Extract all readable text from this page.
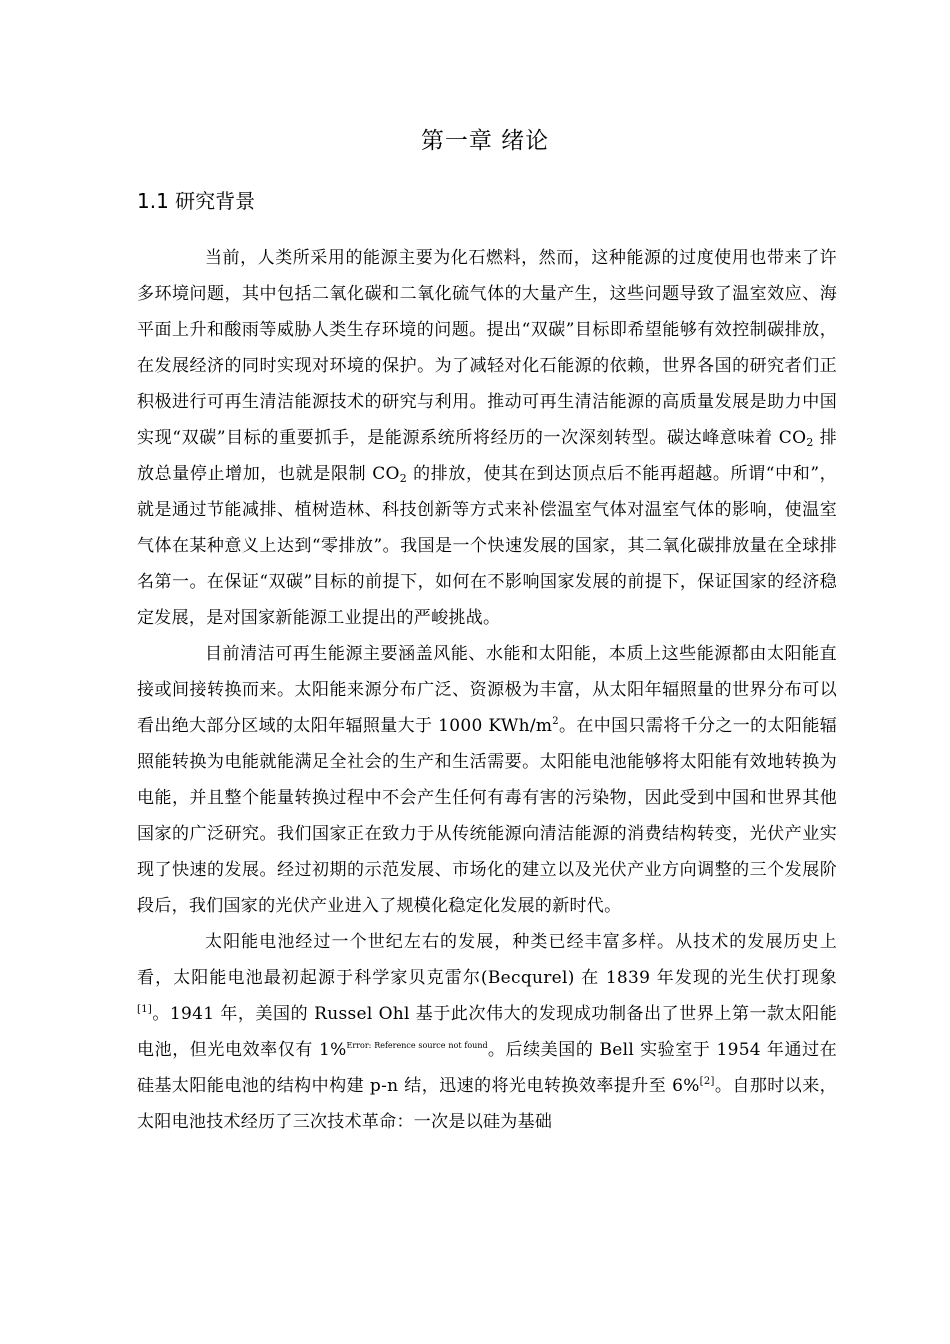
第一章 绪论
1.1 研究背景

当前，人类所采用的能源主要为化石燃料，然而，这种能源的过度使用也带来了许多环境问题，其中包括二氧化碳和二氧化硫气体的大量产生，这些问题导致了温室效应、海平面上升和酸雨等威胁人类生存环境的问题。提出“双碳”目标即希望能够有效控制碳排放，在发展经济的同时实现对环境的保护。为了减轻对化石能源的依赖，世界各国的研究者们正积极进行可再生清洁能源技术的研究与利用。推动可再生清洁能源的高质量发展是助力中国实现“双碳”目标的重要抓手，是能源系统所将经历的一次深刻转型。碳达峰意味着 $CO_2$ 排放总量停止增加，也就是限制 $CO_2$ 的排放，使其在到达顶点后不能再超越。所谓“中和”，就是通过节能减排、植树造林、科技创新等方式来补偿温室气体对温室气体的影响，使温室气体在某种意义上达到“零排放”。我国是一个快速发展的国家，其二氧化碳排放量在全球排名第一。在保证“双碳”目标的前提下，如何在不影响国家发展的前提下，保证国家的经济稳定发展，是对国家新能源工业提出的严峻挑战。

目前清洁可再生能源主要涵盖风能、水能和太阳能，本质上这些能源都由太阳能直接或间接转换而来。太阳能来源分布广泛、资源极为丰富，从太阳年辐照量的世界分布可以看出绝大部分区域的太阳年辐照量大于 1000 KWh/$m^2$。在中国只需将千分之一的太阳能辐照能转换为电能就能满足全社会的生产和生活需要。太阳能电池能够将太阳能有效地转换为电能，并且整个能量转换过程中不会产生任何有毒有害的污染物，因此受到中国和世界其他国家的广泛研究。我们国家正在致力于从传统能源向清洁能源的消费结构转变，光伏产业实现了快速的发展。经过初期的示范发展、市场化的建立以及光伏产业方向调整的三个发展阶段后，我们国家的光伏产业进入了规模化稳定化发展的新时代。

太阳能电池经过一个世纪左右的发展，种类已经丰富多样。从技术的发展历史上看，太阳能电池最初起源于科学家贝克雷尔(Becqurel) 在 1839 年发现的光生伏打现象[1]。1941 年，美国的 Russel Ohl 基于此次伟大的发现成功制备出了世界上第一款太阳能电池，但光电效率仅有 1%$^{Error: Reference source not found}$。后续美国的 Bell 实验室于 1954 年通过在硅基太阳能电池的结构中构建 p-n 结，迅速的将光电转换效率提升至 6%[2]。自那时以来，太阳电池技术经历了三次技术革命：一次是以硅为基础
